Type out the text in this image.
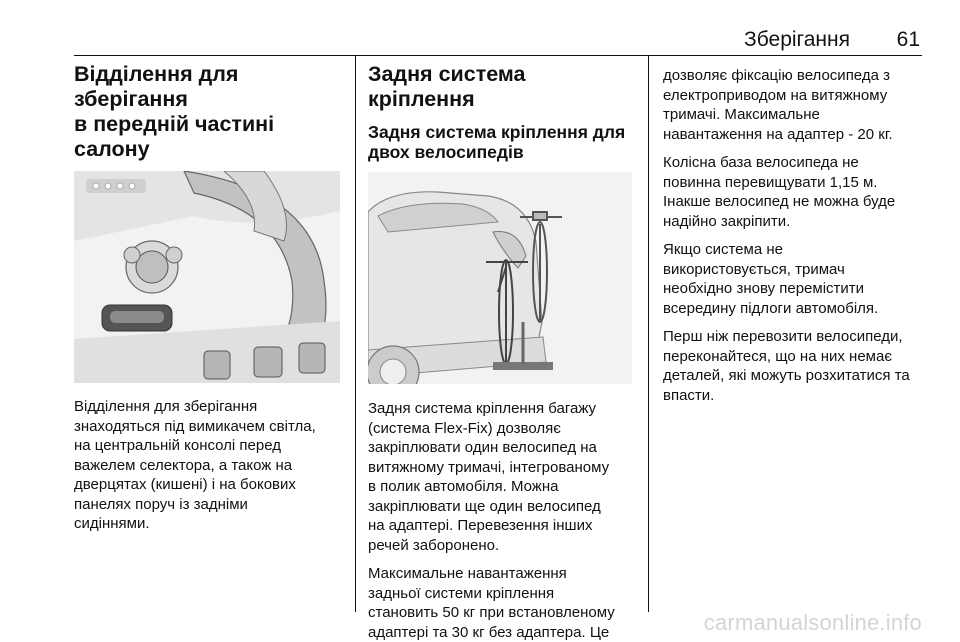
Зберігання 61
Відділення для зберігання
в передній частині салону

Відділення для зберігання
знаходяться під вимикачем світла,
на центральній консолі перед
важелем селектора, а також на
дверцятах (кишені) і на бокових
панелях поруч із задніми
сидіннями.

Задня система кріплення
Задня система кріплення для
двох велосипедів

Задня система кріплення багажу
(система Flex-Fix) дозволяє
закріплювати один велосипед на
витяжному тримачі, інтегрованому
в полик автомобіля. Можна
закріплювати ще один велосипед
на адаптері. Перевезення інших
речей заборонено.

Максимальне навантаження
задньої системи кріплення
становить 50 кг при встановленому
адаптері та 30 кг без адаптера. Це

дозволяє фіксацію велосипеда з
електроприводом на витяжному
тримачі. Максимальне
навантаження на адаптер - 20 кг.

Колісна база велосипеда не
повинна перевищувати 1,15 м.
Інакше велосипед не можна буде
надійно закріпити.

Якщо система не
використовується, тримач
необхідно знову перемістити
всередину підлоги автомобіля.

Перш ніж перевозити велосипеди,
переконайтеся, що на них немає
деталей, які можуть розхитатися та
впасти.

carmanualsonline.info
